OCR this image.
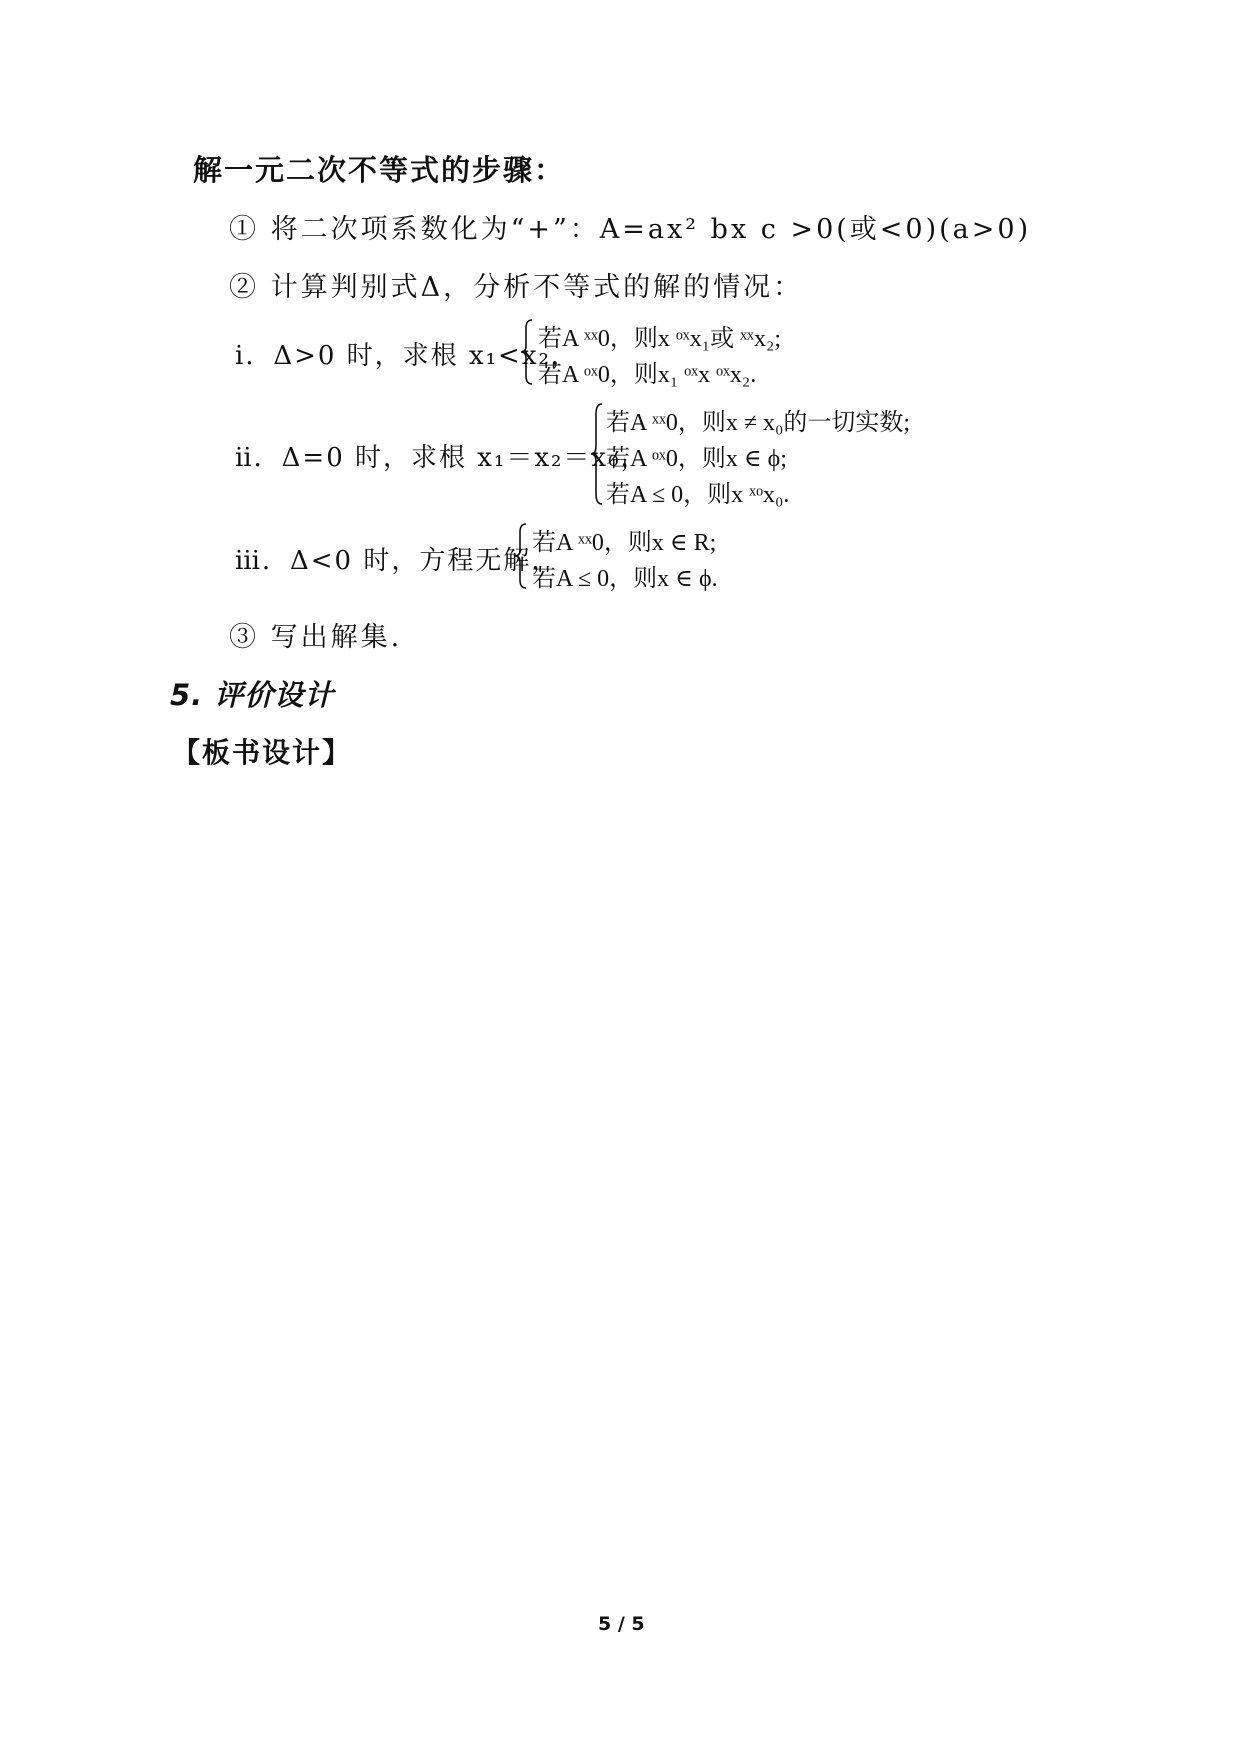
解一元二次不等式的步骤：
① 将二次项系数化为“+”：A=ax² bx c >0(或<0)(a>0)
② 计算判别式Δ，分析不等式的解的情况：
ⅰ．Δ>0 时，求根 x₁<x₂，
若A ˣˣ0，则x ᵒˣx₁或 ˣˣx₂;
若A ᵒˣ0，则x₁ ᵒˣx ᵒˣx₂.
ⅱ．Δ=0 时，求根 x₁＝x₂＝x₀，
若A ˣˣ0，则x ≠ x₀的一切实数;
若A ᵒˣ0，则x ∈ ϕ;
若A ≤ 0，则x ˣᵒx₀.
ⅲ．Δ<0 时，方程无解，
若A ˣˣ0，则x ∈ R;
若A ≤ 0，则x ∈ ϕ.
③ 写出解集.
5. 评价设计
【板书设计】
5 / 5
